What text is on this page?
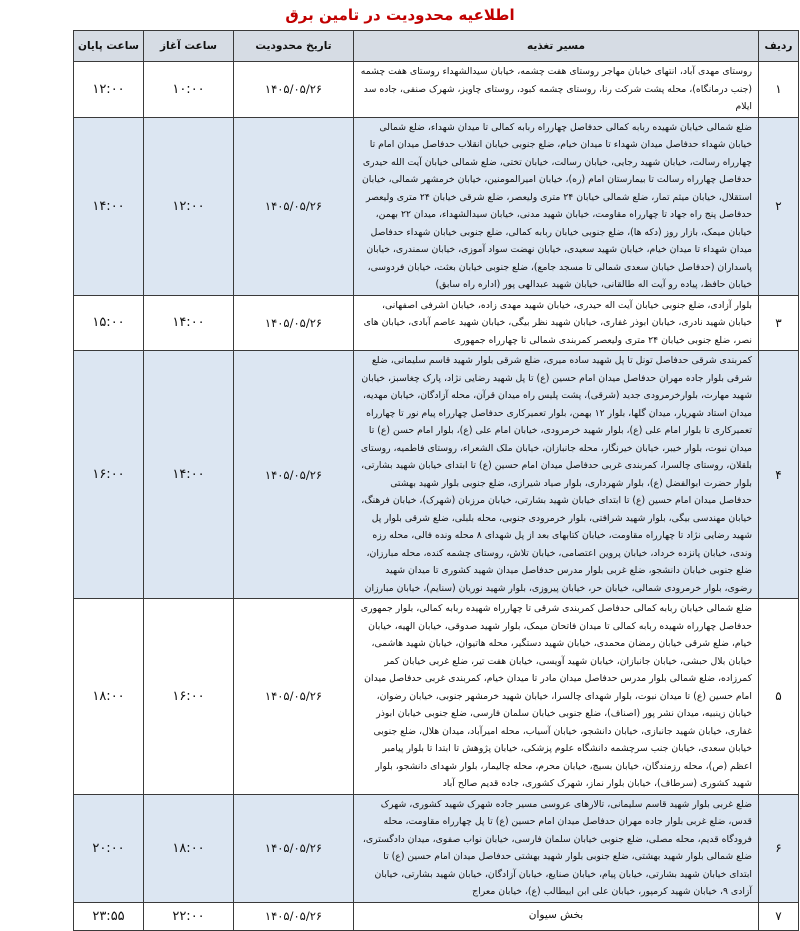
اطلاعیه محدودیت در تامین برق
ردیف	مسیر تغذیه	تاریخ محدودیت	ساعت آغاز	ساعت پایان
۱	روستای مهدی آباد، انتهای خیابان مهاجر روستای هفت چشمه، خیابان سیدالشهداء روستای هفت چشمه (جنب درمانگاه)، محله پشت شرکت رنا، روستای چشمه کبود، روستای چاویز، شهرک صنفی، جاده سد ایلام	۱۴۰۵/۰۵/۲۶	۱۰:۰۰	۱۲:۰۰
۲	ضلع شمالی خیابان شهیده ربابه کمالی حدفاصل چهارراه ربابه کمالی تا میدان شهداء، ضلع شمالی خیابان شهداء حدفاصل میدان شهداء تا میدان خیام، ضلع جنوبی خیابان انقلاب حدفاصل میدان امام تا چهارراه رسالت، خیابان شهید رجایی، خیابان رسالت، خیابان تختی، ضلع شمالی خیابان آیت الله حیدری حدفاصل چهارراه رسالت تا بیمارستان امام (ره)، خیابان امیرالمومنین، خیابان خرمشهر شمالی، خیابان استقلال، خیابان میثم تمار، ضلع شمالی خیابان ۲۴ متری ولیعصر، ضلع شرقی خیابان ۲۴ متری ولیعصر حدفاصل پنج راه جهاد تا چهارراه مقاومت، خیابان شهید مدنی، خیابان سیدالشهداء، میدان ۲۲ بهمن، خیابان میمک، بازار روز (دکه ها)، ضلع جنوبی خیابان ربابه کمالی، ضلع جنوبی خیابان شهداء حدفاصل میدان شهداء تا میدان خیام، خیابان شهید سعیدی، خیابان نهضت سواد آموزی، خیابان سمندری، خیابان پاسداران (حدفاصل خیابان سعدی شمالی تا مسجد جامع)، ضلع جنوبی خیابان بعثت، خیابان فردوسی، خیابان حافظ، پیاده رو آیت اله طالقانی، خیابان شهید عبدالهی پور (اداره راه سابق)	۱۴۰۵/۰۵/۲۶	۱۲:۰۰	۱۴:۰۰
۳	بلوار آزادی، ضلع جنوبی خیابان آیت اله حیدری، خیابان شهید مهدی زاده، خیابان اشرفی اصفهانی، خیابان شهید نادری، خیابان ابوذر غفاری، خیابان شهید نظر بیگی، خیابان شهید عاصم آبادی، خیابان های نصر، ضلع جنوبی خیابان ۲۴ متری ولیعصر کمربندی شمالی تا چهارراه جمهوری	۱۴۰۵/۰۵/۲۶	۱۴:۰۰	۱۵:۰۰
۴	کمربندی شرقی حدفاصل تونل تا پل شهید ساده میری، ضلع شرقی بلوار شهید قاسم سلیمانی، ضلع شرقی بلوار جاده مهران حدفاصل میدان امام حسین (ع) تا پل شهید رضایی نژاد، پارک چغاسبز، خیابان شهید مهارت، بلوارخرمرودی جدید (شرقی)، پشت پلیس راه میدان قرآن، محله آزادگان، خیابان مهدیه، میدان استاد شهریار، میدان گلها، بلوار ۱۲ بهمن، بلوار تعمیرکاری حدفاصل چهارراه پیام نور تا چهارراه تعمیرکاری تا بلوار امام علی (ع)، بلوار شهید خرمرودی، خیابان امام علی (ع)، بلوار امام حسن (ع) تا میدان نبوت، بلوار خیبر، خیابان خیرنگار، محله جانبازان، خیابان ملک الشعراء، روستای فاطمیه، روستای بلقلان، روستای چالسرا، کمربندی غربی حدفاصل میدان امام حسین (ع) تا ابتدای خیابان شهید بشارتی، بلوار حضرت ابوالفضل (ع)، بلوار شهرداری، بلوار صیاد شیرازی، ضلع جنوبی بلوار شهید بهشتی حدفاصل میدان امام حسین (ع) تا ابتدای خیابان شهید بشارتی، خیابان مرزبان (شهرک)، خیابان فرهنگ، خیابان مهندسی بیگی، بلوار شهید شرافتی، بلوار خرمرودی جنوبی، محله بلبلی، ضلع شرقی بلوار پل شهید رضایی نژاد تا چهارراه مقاومت، خیابان کتابهای بعد از پل شهدای ۸ محله ونده فالی، محله رزه وندی، خیابان پانزده خرداد، خیابان پروین اعتصامی، خیابان تلاش، روستای چشمه کنده، محله مبارزان، ضلع جنوبی خیابان دانشجو، ضلع غربی بلوار مدرس حدفاصل میدان شهید کشوری تا میدان شهید رضوی، بلوار خرمرودی شمالی، خیابان حر، خیابان پیروزی، بلوار شهید نوریان (سنایم)، خیابان مبارزان	۱۴۰۵/۰۵/۲۶	۱۴:۰۰	۱۶:۰۰
۵	ضلع شمالی خیابان ربابه کمالی حدفاصل کمربندی شرقی تا چهارراه شهیده ربابه کمالی، بلوار جمهوری حدفاصل چهارراه شهیده ربابه کمالی تا میدان فاتحان میمک، بلوار شهید صدوقی، خیابان الهیه، خیابان خیام، ضلع شرقی خیابان رمضان محمدی، خیابان شهید دستگیر، محله هاتیوان، خیابان شهید هاشمی، خیابان بلال حبشی، خیابان جانبازان، خیابان شهید آویسی، خیابان هفت تیر، ضلع غربی خیابان کمر کمرزاده، ضلع شمالی بلوار مدرس حدفاصل میدان مادر تا میدان خیام، کمربندی غربی حدفاصل میدان امام حسین (ع) تا میدان نبوت، بلوار شهدای چالسرا، خیابان شهید خرمشهر جنوبی، خیابان رضوان، خیابان زینبیه، میدان نشر پور (اصناف)، ضلع جنوبی خیابان سلمان فارسی، ضلع جنوبی خیابان ابوذر غفاری، خیابان شهید جانبازی، خیابان دانشجو، خیابان آسیاب، محله امیرآباد، میدان هلال، ضلع جنوبی خیابان سعدی، خیابان جنب سرچشمه دانشگاه علوم پزشکی، خیابان پژوهش تا ابتدا تا بلوار پیامبر اعظم (ص)، محله رزمندگان، خیابان بسیج، خیابان محرم، محله چالیمار، بلوار شهدای دانشجو، بلوار شهید کشوری (سرطاف)، خیابان بلوار نماز، شهرک کشوری، جاده قدیم صالح آباد	۱۴۰۵/۰۵/۲۶	۱۶:۰۰	۱۸:۰۰
۶	ضلع غربی بلوار شهید قاسم سلیمانی، تالارهای عروسی مسیر جاده شهرک شهید کشوری، شهرک قدس، ضلع غربی بلوار جاده مهران حدفاصل میدان امام حسین (ع) تا پل چهارراه مقاومت، محله فرودگاه قدیم، محله مصلی، ضلع جنوبی خیابان سلمان فارسی، خیابان نواب صفوی، میدان دادگستری، ضلع شمالی بلوار شهید بهشتی، ضلع جنوبی بلوار شهید بهشتی حدفاصل میدان امام حسین (ع) تا ابتدای خیابان شهید بشارتی، خیابان پیام، خیابان صنایع، خیابان آزادگان، خیابان شهید بشارتی، خیابان آزادی ۹، خیابان شهید کرمپور، خیابان علی ابن ابیطالب (ع)، خیابان معراج	۱۴۰۵/۰۵/۲۶	۱۸:۰۰	۲۰:۰۰
۷	بخش سیوان	۱۴۰۵/۰۵/۲۶	۲۲:۰۰	۲۳:۵۵
